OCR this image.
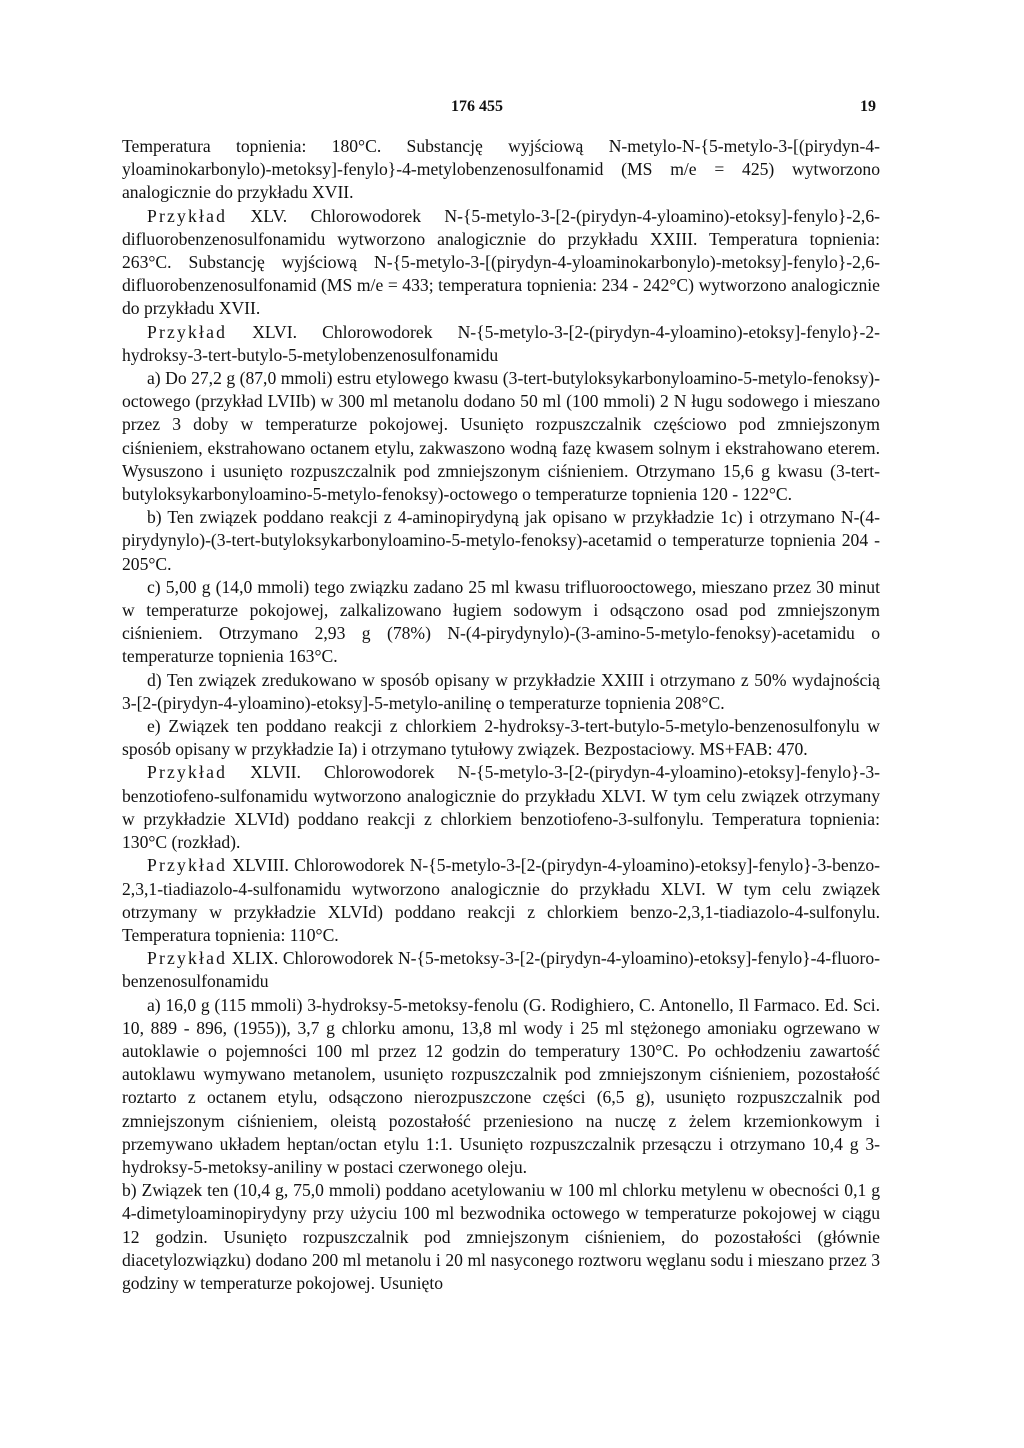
176 455	19

Temperatura topnienia: 180°C. Substancję wyjściową N-metylo-N-{5-metylo-3-[(pirydyn-4-yloaminokarbonylo)-metoksy]-fenylo}-4-metylobenzenosulfonamid (MS m/e = 425) wytworzono analogicznie do przykładu XVII.

Przykład XLV. Chlorowodorek N-{5-metylo-3-[2-(pirydyn-4-yloamino)-etoksy]-fenylo}-2,6-difluorobenzenosulfonamidu wytworzono analogicznie do przykładu XXIII. Temperatura topnienia: 263°C. Substancję wyjściową N-{5-metylo-3-[(pirydyn-4-yloaminokarbonylo)-metoksy]-fenylo}-2,6-difluorobenzenosulfonamid (MS m/e = 433; temperatura topnienia: 234 - 242°C) wytworzono analogicznie do przykładu XVII.

Przykład XLVI. Chlorowodorek N-{5-metylo-3-[2-(pirydyn-4-yloamino)-etoksy]-fenylo}-2-hydroksy-3-tert-butylo-5-metylobenzenosulfonamidu

a) Do 27,2 g (87,0 mmoli) estru etylowego kwasu (3-tert-butyloksykarbonyloamino-5-metylo-fenoksy)-octowego (przykład LVIIb) w 300 ml metanolu dodano 50 ml (100 mmoli) 2 N ługu sodowego i mieszano przez 3 doby w temperaturze pokojowej. Usunięto rozpuszczalnik częściowo pod zmniejszonym ciśnieniem, ekstrahowano octanem etylu, zakwaszono wodną fazę kwasem solnym i ekstrahowano eterem. Wysuszono i usunięto rozpuszczalnik pod zmniejszonym ciśnieniem. Otrzymano 15,6 g kwasu (3-tert-butyloksykarbonyloamino-5-metylo-fenoksy)-octowego o temperaturze topnienia 120 - 122°C.

b) Ten związek poddano reakcji z 4-aminopirydyną jak opisano w przykładzie 1c) i otrzymano N-(4-pirydynylo)-(3-tert-butyloksykarbonyloamino-5-metylo-fenoksy)-acetamid o temperaturze topnienia 204 - 205°C.

c) 5,00 g (14,0 mmoli) tego związku zadano 25 ml kwasu trifluorooctowego, mieszano przez 30 minut w temperaturze pokojowej, zalkalizowano ługiem sodowym i odsączono osad pod zmniejszonym ciśnieniem. Otrzymano 2,93 g (78%) N-(4-pirydynylo)-(3-amino-5-metylo-fenoksy)-acetamidu o temperaturze topnienia 163°C.

d) Ten związek zredukowano w sposób opisany w przykładzie XXIII i otrzymano z 50% wydajnością 3-[2-(pirydyn-4-yloamino)-etoksy]-5-metylo-anilinę o temperaturze topnienia 208°C.

e) Związek ten poddano reakcji z chlorkiem 2-hydroksy-3-tert-butylo-5-metylo-benzenosulfonylu w sposób opisany w przykładzie Ia) i otrzymano tytułowy związek. Bezpostaciowy. MS+FAB: 470.

Przykład XLVII. Chlorowodorek N-{5-metylo-3-[2-(pirydyn-4-yloamino)-etoksy]-fenylo}-3-benzotiofeno-sulfonamidu wytworzono analogicznie do przykładu XLVI. W tym celu związek otrzymany w przykładzie XLVId) poddano reakcji z chlorkiem benzotiofeno-3-sulfonylu. Temperatura topnienia: 130°C (rozkład).

Przykład XLVIII. Chlorowodorek N-{5-metylo-3-[2-(pirydyn-4-yloamino)-etoksy]-fenylo}-3-benzo-2,3,1-tiadiazolo-4-sulfonamidu wytworzono analogicznie do przykładu XLVI. W tym celu związek otrzymany w przykładzie XLVId) poddano reakcji z chlorkiem benzo-2,3,1-tiadiazolo-4-sulfonylu. Temperatura topnienia: 110°C.

Przykład XLIX. Chlorowodorek N-{5-metoksy-3-[2-(pirydyn-4-yloamino)-etoksy]-fenylo}-4-fluoro-benzenosulfonamidu

a) 16,0 g (115 mmoli) 3-hydroksy-5-metoksy-fenolu (G. Rodighiero, C. Antonello, Il Farmaco. Ed. Sci. 10, 889 - 896, (1955)), 3,7 g chlorku amonu, 13,8 ml wody i 25 ml stężonego amoniaku ogrzewano w autoklawie o pojemności 100 ml przez 12 godzin do temperatury 130°C. Po ochłodzeniu zawartość autoklawu wymywano metanolem, usunięto rozpuszczalnik pod zmniejszonym ciśnieniem, pozostałość roztarto z octanem etylu, odsączono nierozpuszczone części (6,5 g), usunięto rozpuszczalnik pod zmniejszonym ciśnieniem, oleistą pozostałość przeniesiono na nuczę z żelem krzemionkowym i przemywano układem heptan/octan etylu 1:1. Usunięto rozpuszczalnik przesączu i otrzymano 10,4 g 3-hydroksy-5-metoksy-aniliny w postaci czerwonego oleju.

b) Związek ten (10,4 g, 75,0 mmoli) poddano acetylowaniu w 100 ml chlorku metylenu w obecności 0,1 g 4-dimetyloaminopirydyny przy użyciu 100 ml bezwodnika octowego w temperaturze pokojowej w ciągu 12 godzin. Usunięto rozpuszczalnik pod zmniejszonym ciśnieniem, do pozostałości (głównie diacetylozwiązku) dodano 200 ml metanolu i 20 ml nasyconego roztworu węglanu sodu i mieszano przez 3 godziny w temperaturze pokojowej. Usunięto
